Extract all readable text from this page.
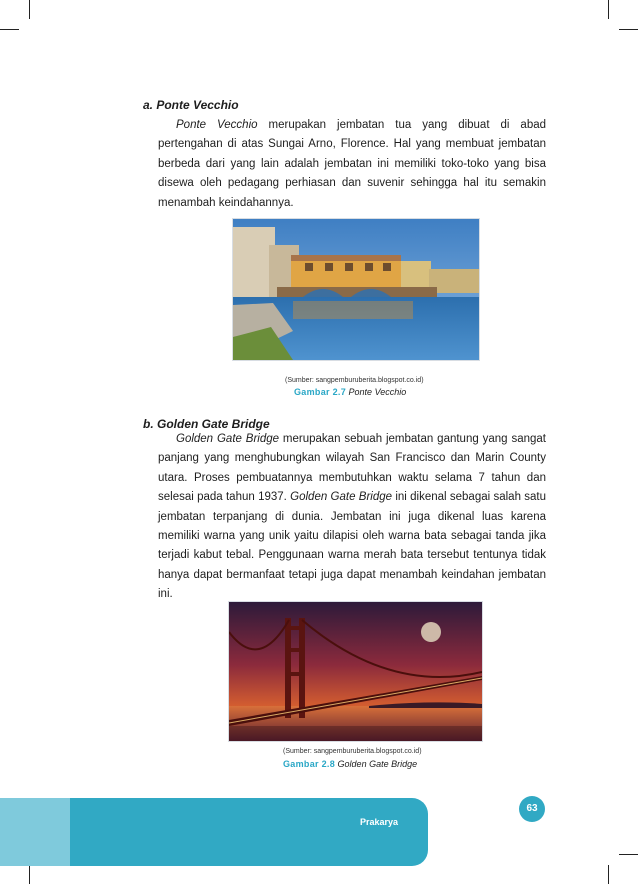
a. Ponte Vecchio

Ponte Vecchio merupakan jembatan tua yang dibuat di abad pertengahan di atas Sungai Arno, Florence. Hal yang membuat jembatan berbeda dari yang lain adalah jembatan ini memiliki toko-toko yang bisa disewa oleh pedagang perhiasan dan suvenir sehingga hal itu semakin menambah keindahannya.

(Sumber: sangpemburuberita.blogspot.co.id)
Gambar 2.7 Ponte Vecchio
b. Golden Gate Bridge

Golden Gate Bridge merupakan sebuah jembatan gantung yang sangat panjang yang menghubungkan wilayah San Francisco dan Marin County utara. Proses pembuatannya membutuhkan waktu selama 7 tahun dan selesai pada tahun 1937. Golden Gate Bridge ini dikenal sebagai salah satu jembatan terpanjang di dunia. Jembatan ini juga dikenal luas karena memiliki warna yang unik yaitu dilapisi oleh warna bata sebagai tanda jika terjadi kabut tebal. Penggunaan warna merah bata tersebut tentunya tidak hanya dapat bermanfaat tetapi juga dapat menambah keindahan jembatan ini.

(Sumber: sangpemburuberita.blogspot.co.id)
Gambar 2.8 Golden Gate Bridge
Prakarya
63
